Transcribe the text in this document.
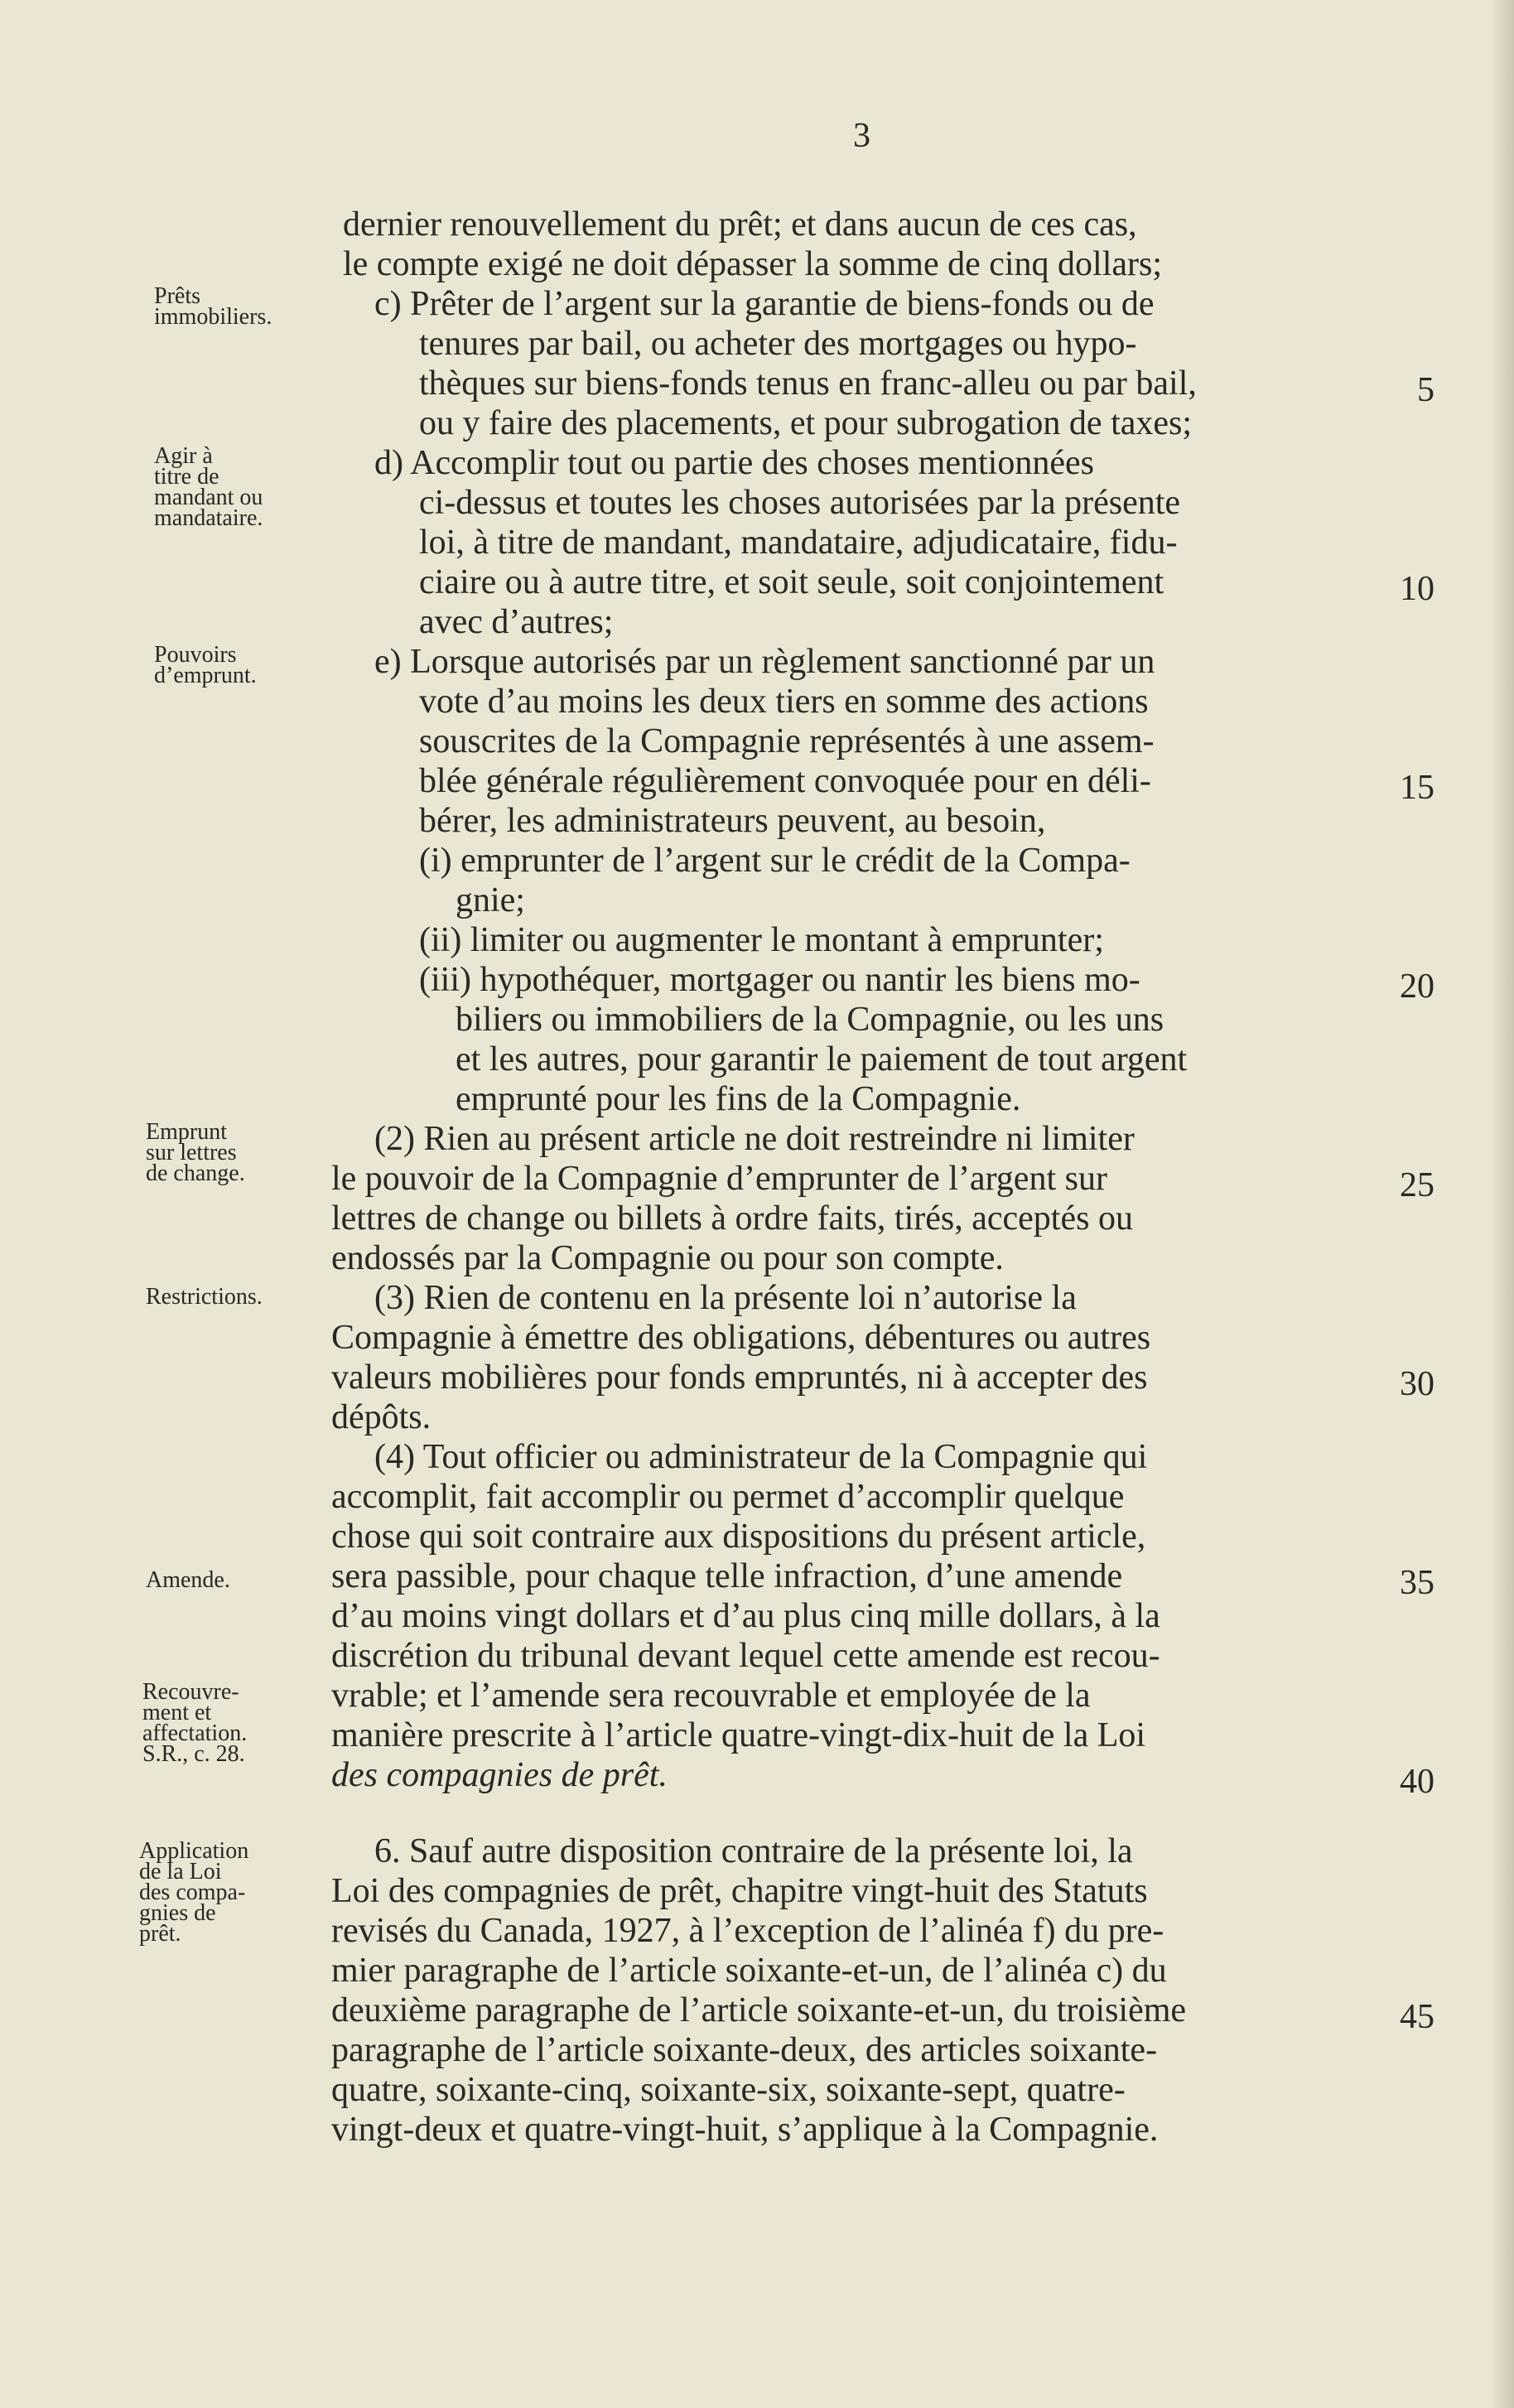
3
dernier renouvellement du prêt; et dans aucun de ces cas,
le compte exigé ne doit dépasser la somme de cinq dollars;
c) Prêter de l’argent sur la garantie de biens-fonds ou de
tenures par bail, ou acheter des mortgages ou hypo-
thèques sur biens-fonds tenus en franc-alleu ou par bail,
ou y faire des placements, et pour subrogation de taxes;
d) Accomplir tout ou partie des choses mentionnées
ci-dessus et toutes les choses autorisées par la présente
loi, à titre de mandant, mandataire, adjudicataire, fidu-
ciaire ou à autre titre, et soit seule, soit conjointement
avec d’autres;
e) Lorsque autorisés par un règlement sanctionné par un
vote d’au moins les deux tiers en somme des actions
souscrites de la Compagnie représentés à une assem-
blée générale régulièrement convoquée pour en déli-
bérer, les administrateurs peuvent, au besoin,
(i) emprunter de l’argent sur le crédit de la Compa-
gnie;
(ii) limiter ou augmenter le montant à emprunter;
(iii) hypothéquer, mortgager ou nantir les biens mo-
biliers ou immobiliers de la Compagnie, ou les uns
et les autres, pour garantir le paiement de tout argent
emprunté pour les fins de la Compagnie.
(2) Rien au présent article ne doit restreindre ni limiter
le pouvoir de la Compagnie d’emprunter de l’argent sur
lettres de change ou billets à ordre faits, tirés, acceptés ou
endossés par la Compagnie ou pour son compte.
(3) Rien de contenu en la présente loi n’autorise la
Compagnie à émettre des obligations, débentures ou autres
valeurs mobilières pour fonds empruntés, ni à accepter des
dépôts.
(4) Tout officier ou administrateur de la Compagnie qui
accomplit, fait accomplir ou permet d’accomplir quelque
chose qui soit contraire aux dispositions du présent article,
sera passible, pour chaque telle infraction, d’une amende
d’au moins vingt dollars et d’au plus cinq mille dollars, à la
discrétion du tribunal devant lequel cette amende est recou-
vrable; et l’amende sera recouvrable et employée de la
manière prescrite à l’article quatre-vingt-dix-huit de la Loi
des compagnies de prêt.
6. Sauf autre disposition contraire de la présente loi, la
Loi des compagnies de prêt, chapitre vingt-huit des Statuts
revisés du Canada, 1927, à l’exception de l’alinéa f) du pre-
mier paragraphe de l’article soixante-et-un, de l’alinéa c) du
deuxième paragraphe de l’article soixante-et-un, du troisième
paragraphe de l’article soixante-deux, des articles soixante-
quatre, soixante-cinq, soixante-six, soixante-sept, quatre-
vingt-deux et quatre-vingt-huit, s’applique à la Compagnie.
Prêts
immobiliers.
Agir à
titre de
mandant ou
mandataire.
Pouvoirs
d’emprunt.
Emprunt
sur lettres
de change.
Restrictions.
Amende.
Recouvre-
ment et
affectation.
S.R., c. 28.
Application
de la Loi
des compa-
gnies de
prêt.
5
10
15
20
25
30
35
40
45
